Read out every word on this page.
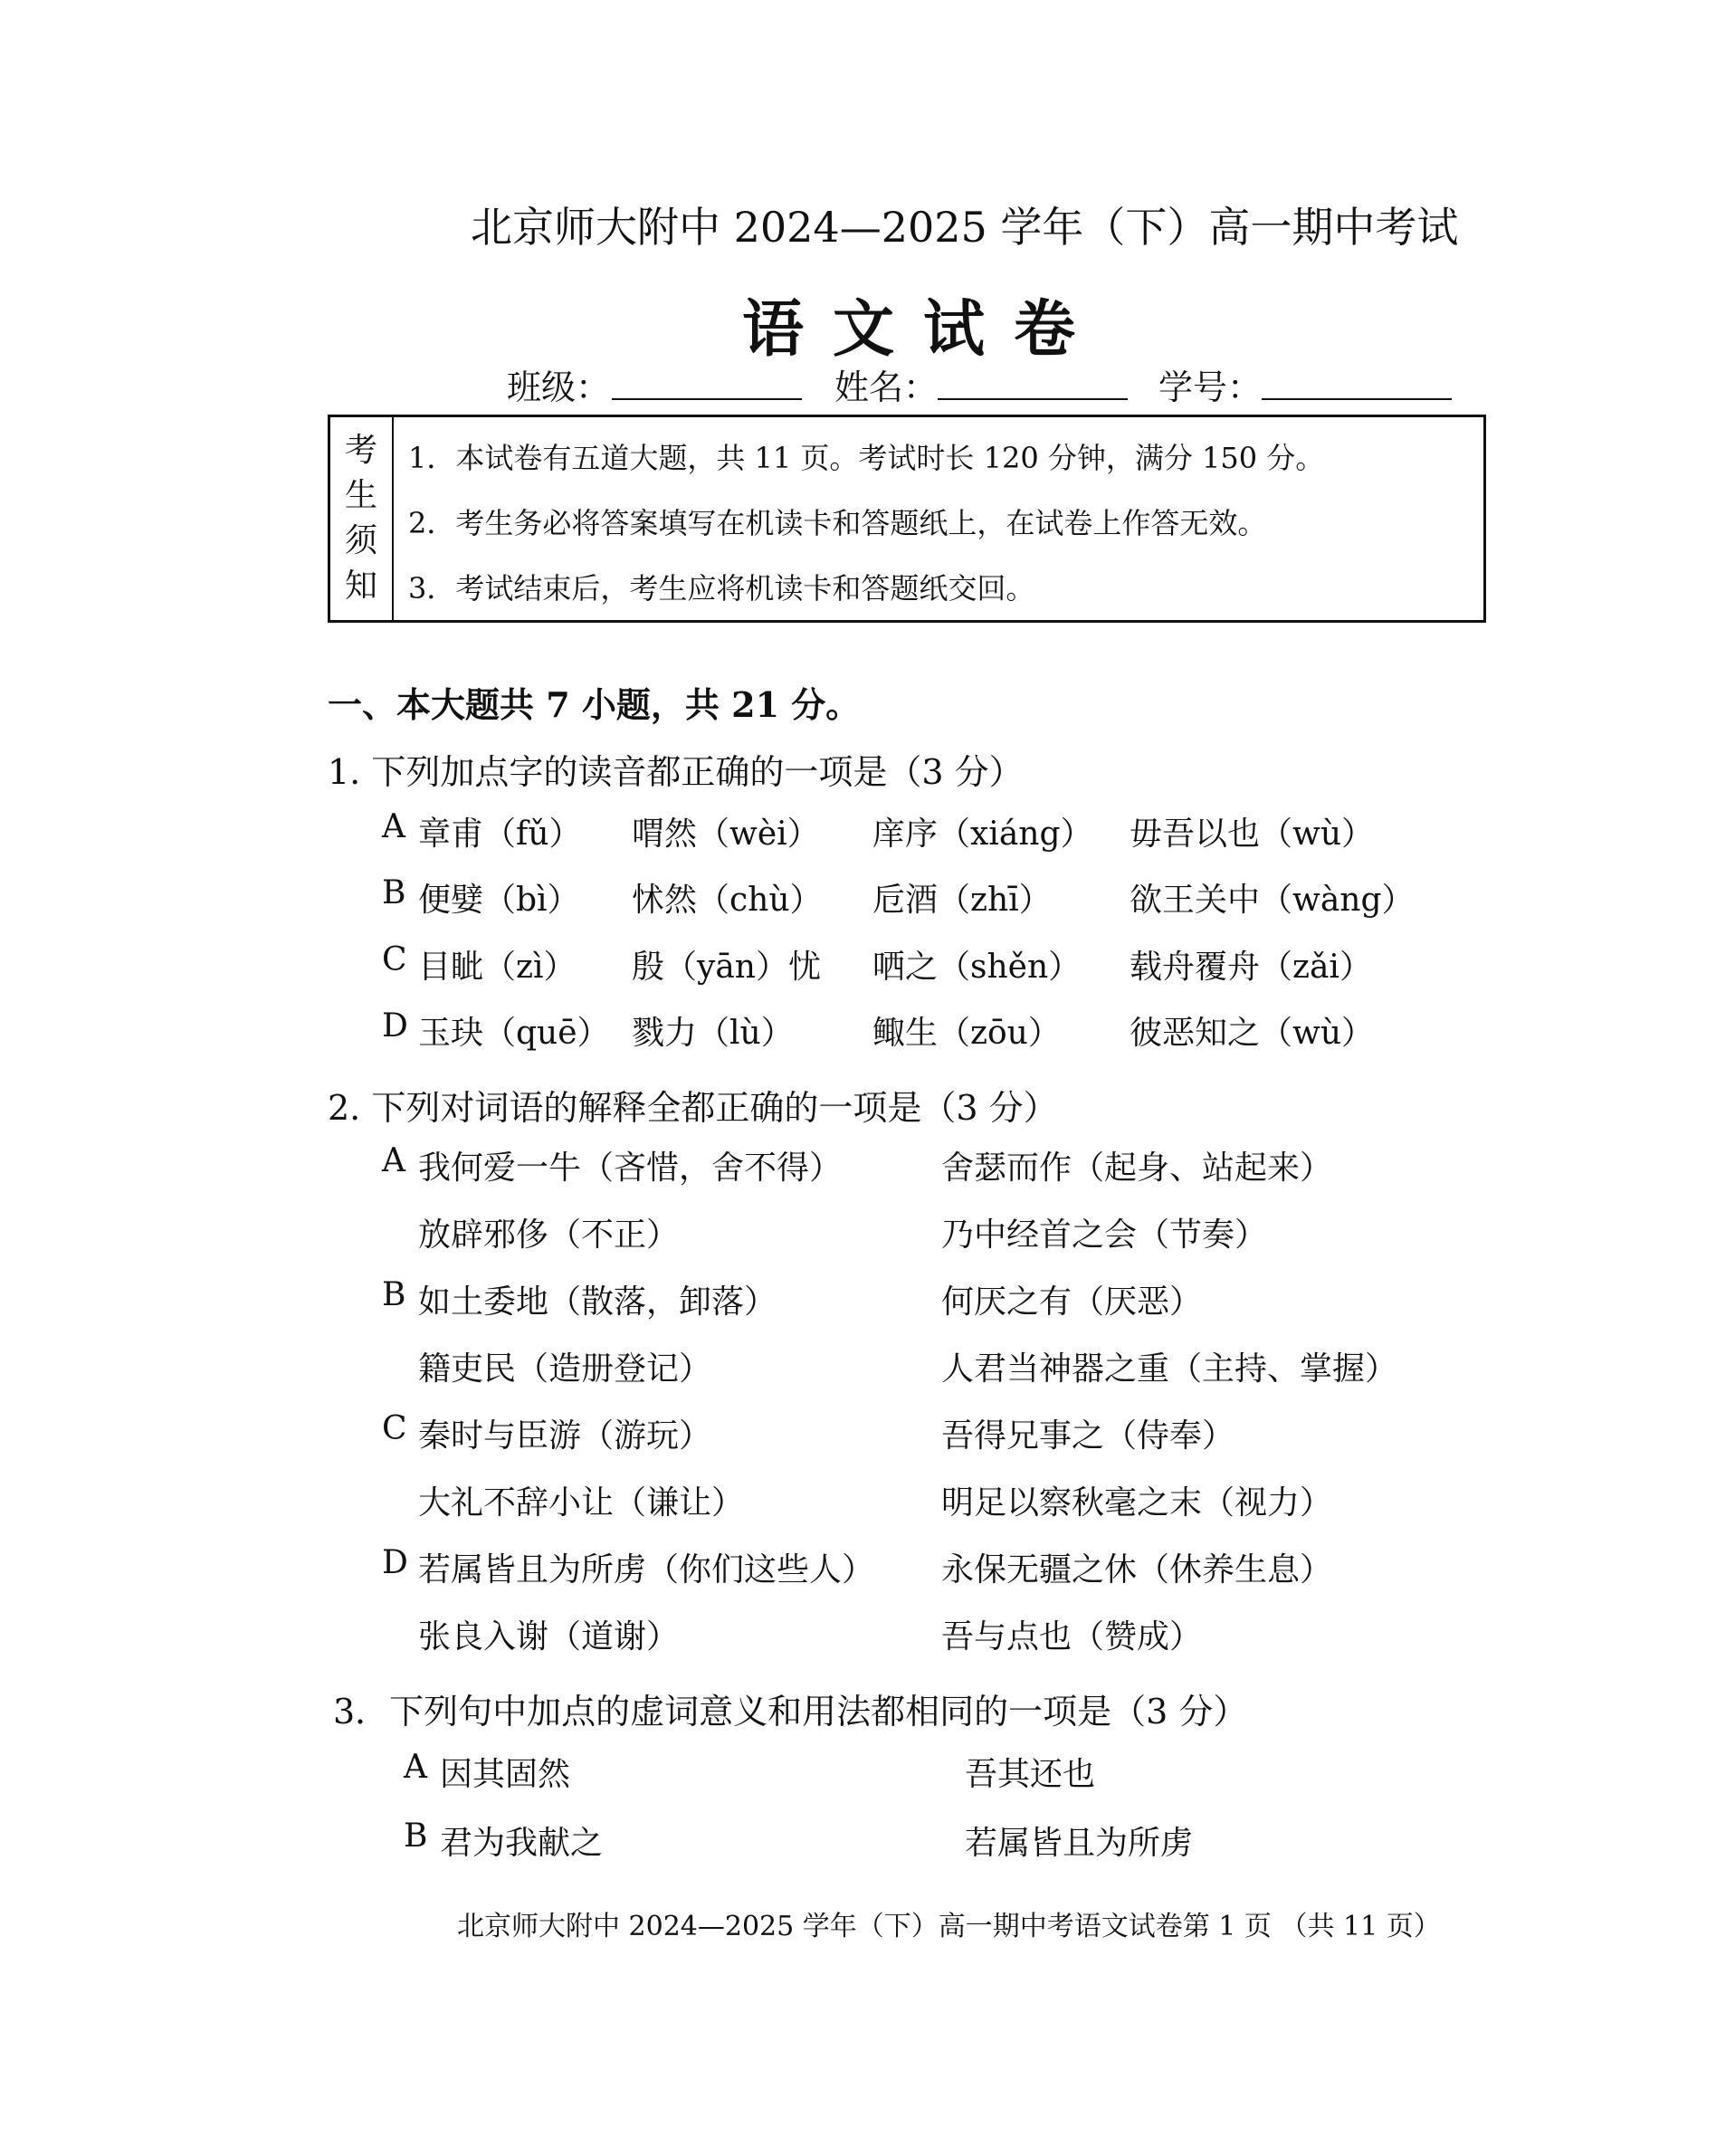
北京师大附中 2024—2025 学年（下）高一期中考试
语文试卷
班级：	姓名：	学号：
考
生
须
知
1．本试卷有五道大题，共 11 页。考试时长 120 分钟，满分 150 分。
2．考生务必将答案填写在机读卡和答题纸上，在试卷上作答无效。
3．考试结束后，考生应将机读卡和答题纸交回。
一、本大题共 7 小题，共 21 分。
1. 下列加点字的读音都正确的一项是（3 分）
A 章甫（fǔ） 喟然（wèi） 庠序（xiáng） 毋吾以也（wù）
B 便嬖（bì） 怵然（chù） 卮酒（zhī） 欲王关中（wàng）
C 目眦（zì） 殷（yān）忧 哂之（shěn） 载舟覆舟（zǎi）
D 玉玦（quē） 戮力（lù） 鲰生（zōu） 彼恶知之（wù）
2. 下列对词语的解释全都正确的一项是（3 分）
A 我何爱一牛（吝惜，舍不得）	舍瑟而作（起身、站起来）
放辟邪侈（不正）	乃中经首之会（节奏）
B 如土委地（散落，卸落）	何厌之有（厌恶）
籍吏民（造册登记）	人君当神器之重（主持、掌握）
C 秦时与臣游（游玩）	吾得兄事之（侍奉）
大礼不辞小让（谦让）	明足以察秋毫之末（视力）
D 若属皆且为所虏（你们这些人） 永保无疆之休（休养生息）
张良入谢（道谢）	吾与点也（赞成）
3．下列句中加点的虚词意义和用法都相同的一项是（3 分）
A 因其固然	吾其还也
B 君为我献之	若属皆且为所虏
北京师大附中 2024—2025 学年（下）高一期中考语文试卷第 1 页 （共 11 页）
